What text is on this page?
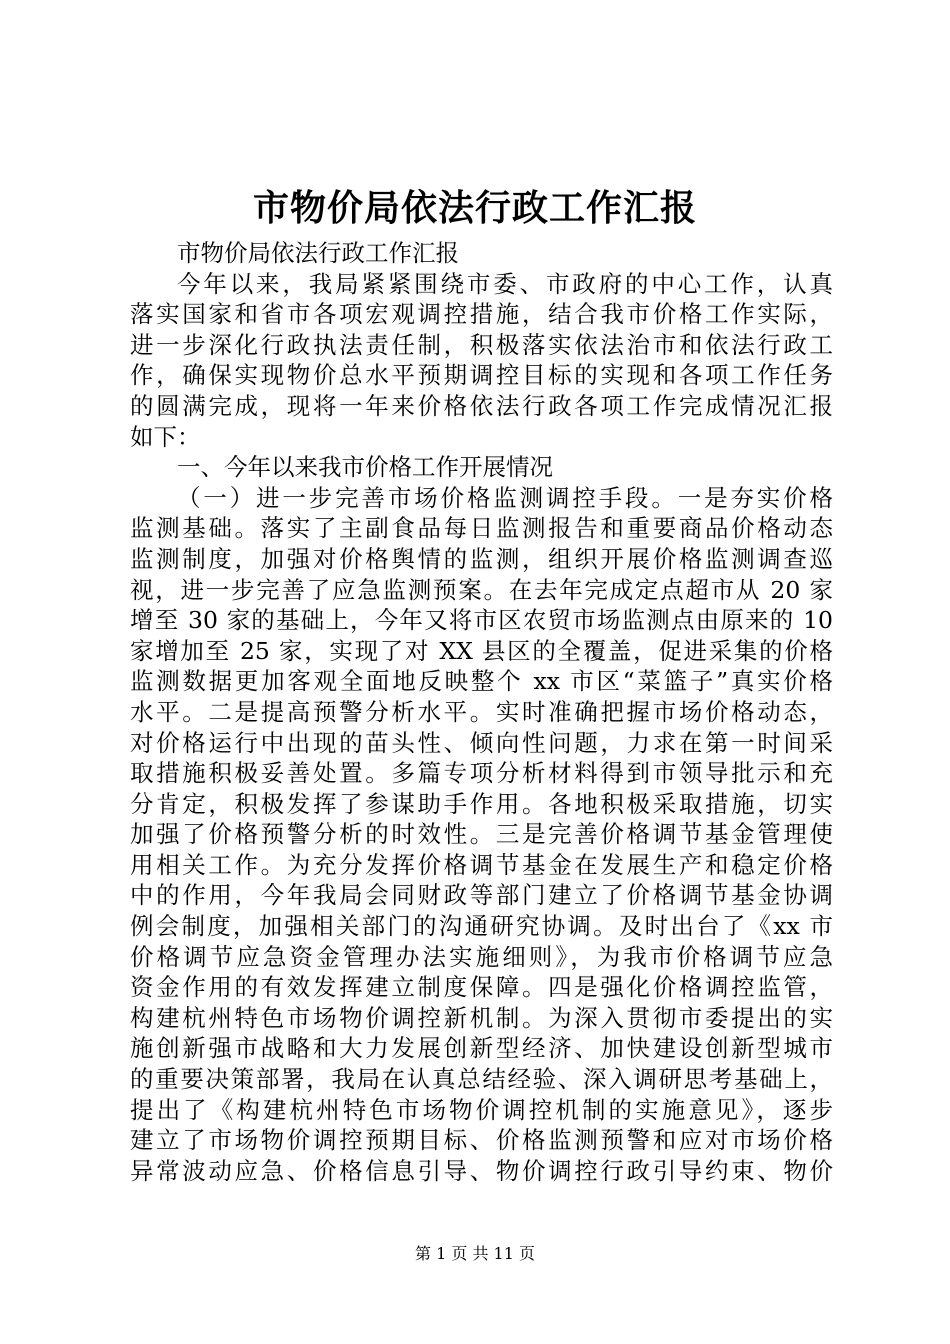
市物价局依法行政工作汇报
市物价局依法行政工作汇报
今年以来，我局紧紧围绕市委、市政府的中心工作，认真
落实国家和省市各项宏观调控措施，结合我市价格工作实际，
进一步深化行政执法责任制，积极落实依法治市和依法行政工
作，确保实现物价总水平预期调控目标的实现和各项工作任务
的圆满完成，现将一年来价格依法行政各项工作完成情况汇报
如下：
一、今年以来我市价格工作开展情况
（一）进一步完善市场价格监测调控手段。一是夯实价格
监测基础。落实了主副食品每日监测报告和重要商品价格动态
监测制度，加强对价格舆情的监测，组织开展价格监测调查巡
视，进一步完善了应急监测预案。在去年完成定点超市从 20 家
增至 30 家的基础上，今年又将市区农贸市场监测点由原来的 10
家增加至 25 家，实现了对 XX 县区的全覆盖，促进采集的价格
监测数据更加客观全面地反映整个 xx 市区“菜篮子”真实价格
水平。二是提高预警分析水平。实时准确把握市场价格动态，
对价格运行中出现的苗头性、倾向性问题，力求在第一时间采
取措施积极妥善处置。多篇专项分析材料得到市领导批示和充
分肯定，积极发挥了参谋助手作用。各地积极采取措施，切实
加强了价格预警分析的时效性。三是完善价格调节基金管理使
用相关工作。为充分发挥价格调节基金在发展生产和稳定价格
中的作用，今年我局会同财政等部门建立了价格调节基金协调
例会制度，加强相关部门的沟通研究协调。及时出台了《xx 市
价格调节应急资金管理办法实施细则》，为我市价格调节应急
资金作用的有效发挥建立制度保障。四是强化价格调控监管，
构建杭州特色市场物价调控新机制。为深入贯彻市委提出的实
施创新强市战略和大力发展创新型经济、加快建设创新型城市
的重要决策部署，我局在认真总结经验、深入调研思考基础上，
提出了《构建杭州特色市场物价调控机制的实施意见》，逐步
建立了市场物价调控预期目标、价格监测预警和应对市场价格
异常波动应急、价格信息引导、物价调控行政引导约束、物价
第 1 页 共 11 页
